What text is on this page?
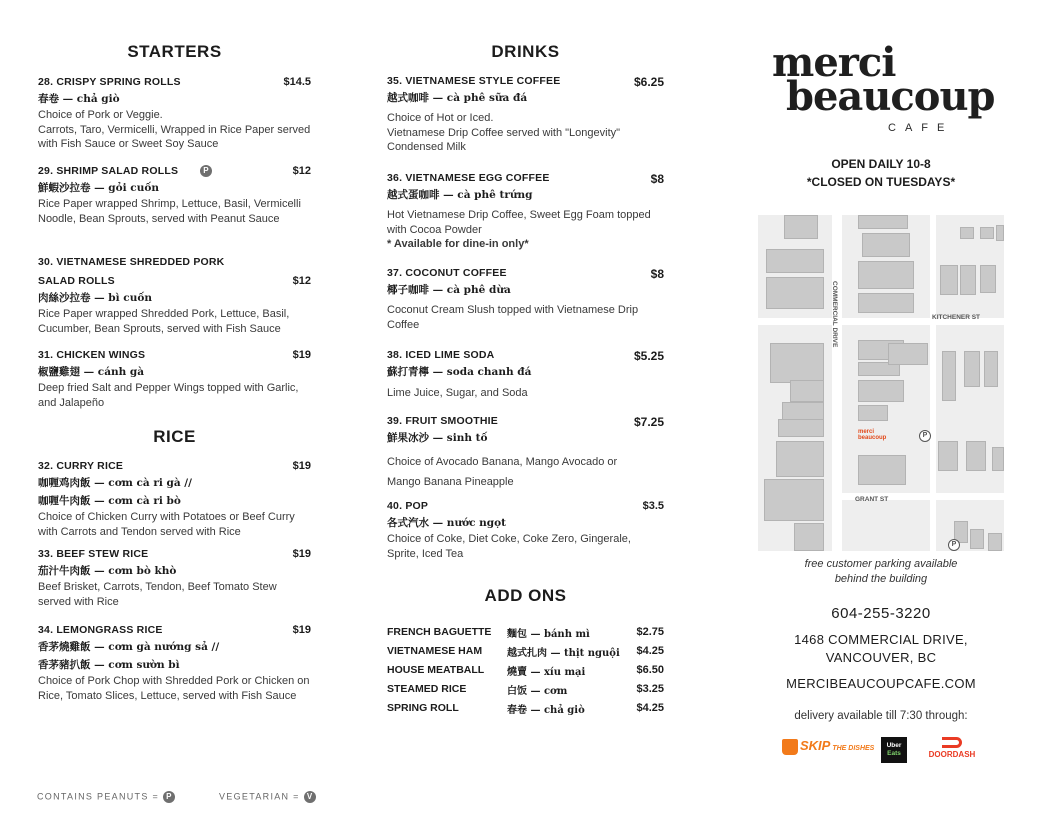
STARTERS	DRINKS
RICE
ADD ONS
28. CRISPY SPRING ROLLS	$14.5
春卷 — chả giò
Choice of Pork or Veggie.
Carrots, Taro, Vermicelli, Wrapped in Rice Paper served with Fish Sauce or Sweet Soy Sauce
29. SHRIMP SALAD ROLLS	P	$12
鮮蝦沙拉卷 — gỏi cuốn
Rice Paper wrapped Shrimp, Lettuce, Basil, Vermicelli Noodle, Bean Sprouts, served with Peanut Sauce
30. VIETNAMESE SHREDDED PORK
SALAD ROLLS	$12
肉絲沙拉卷 — bì cuốn
Rice Paper wrapped Shredded Pork, Lettuce, Basil, Cucumber, Bean Sprouts, served with Fish Sauce
31. CHICKEN WINGS	$19
椒鹽雞翅 — cánh gà
Deep fried Salt and Pepper Wings topped with Garlic, and Jalapeño
32. CURRY RICE	$19
咖喱鸡肉飯 — cơm cà ri gà //
咖喱牛肉飯 — cơm cà ri bò
Choice of Chicken Curry with Potatoes or Beef Curry with Carrots and Tendon served with Rice
33. BEEF STEW RICE	$19
茄汁牛肉飯 — cơm bò khò
Beef Brisket, Carrots, Tendon, Beef Tomato Stew served with Rice
34. LEMONGRASS RICE	$19
香茅燒雞飯 — cơm gà nướng sả //
香茅豬扒飯 — cơm sườn bì
Choice of Pork Chop with Shredded Pork or Chicken on Rice, Tomato Slices, Lettuce, served with Fish Sauce
35. VIETNAMESE STYLE COFFEE	$6.25
越式咖啡 — cà phê sữa đá
Choice of Hot or Iced.
Vietnamese Drip Coffee served with "Longevity" Condensed Milk
36. VIETNAMESE EGG COFFEE	$8
越式蛋咖啡 — cà phê trứng
Hot Vietnamese Drip Coffee, Sweet Egg Foam topped with Cocoa Powder
* Available for dine-in only*
37. COCONUT COFFEE	$8
椰子咖啡 — cà phê dừa
Coconut Cream Slush topped with Vietnamese Drip Coffee
38. ICED LIME SODA	$5.25
蘇打青檸 — soda chanh đá
Lime Juice, Sugar, and Soda
39. FRUIT SMOOTHIE	$7.25
鮮果冰沙 — sinh tố
Choice of Avocado Banana, Mango Avocado or
Mango Banana Pineapple
40. POP	$3.5
各式汽水 — nước ngọt
Choice of Coke, Diet Coke, Coke Zero, Gingerale, Sprite, Iced Tea
FRENCH BAGUETTE 麵包 — bánh mì	$2.75
VIETNAMESE HAM 越式扎肉 — thịt nguội $4.25
HOUSE MEATBALL 燒賣 — xíu mại	$6.50
STEAMED RICE	白饭 — cơm	$3.25
SPRING ROLL	春卷 — chả giò	$4.25
merci
beaucoup
CAFE
OPEN DAILY 10-8
*CLOSED ON TUESDAYS*
COMMERCIAL DRIVE	KITCHENER ST
GRANT ST
merci
beaucoup	P
P
free customer parking available
behind the building
604-255-3220
1468 COMMERCIAL DRIVE,
VANCOUVER, BC
MERCIBEAUCOUPCAFE.COM
delivery available till 7:30 through:
SKIP THE DISHES	Uber
Eats	DOORDASH
CONTAINS PEANUTS = P	VEGETARIAN = V
